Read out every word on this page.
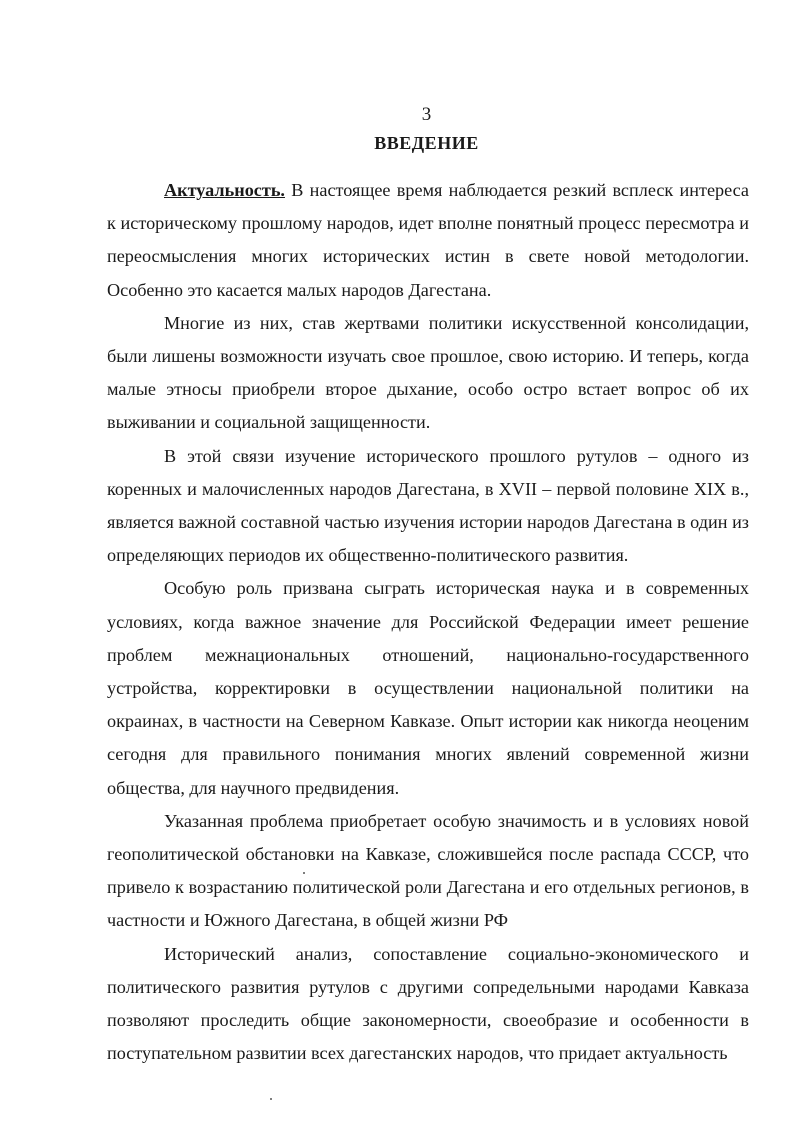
3
ВВЕДЕНИЕ

Актуальность. В настоящее время наблюдается резкий всплеск интереса к историческому прошлому народов, идет вполне понятный процесс пересмотра и переосмысления многих исторических истин в свете новой методологии. Особенно это касается малых народов Дагестана.

Многие из них, став жертвами политики искусственной консолидации, были лишены возможности изучать свое прошлое, свою историю. И теперь, когда малые этносы приобрели второе дыхание, особо остро встает вопрос об их выживании и социальной защищенности.

В этой связи изучение исторического прошлого рутулов – одного из коренных и малочисленных народов Дагестана, в XVII – первой половине XIX в., является важной составной частью изучения истории народов Дагестана в один из определяющих периодов их общественно-политического развития.

Особую роль призвана сыграть историческая наука и в современных условиях, когда важное значение для Российской Федерации имеет решение проблем межнациональных отношений, национально-государственного устройства, корректировки в осуществлении национальной политики на окраинах, в частности на Северном Кавказе. Опыт истории как никогда неоценим сегодня для правильного понимания многих явлений современной жизни общества, для научного предвидения.

Указанная проблема приобретает особую значимость и в условиях новой геополитической обстановки на Кавказе, сложившейся после распада СССР, что привело к возрастанию политической роли Дагестана и его отдельных регионов, в частности и Южного Дагестана, в общей жизни РФ

Исторический анализ, сопоставление социально-экономического и политического развития рутулов с другими сопредельными народами Кавказа позволяют проследить общие закономерности, своеобразие и особенности в поступательном развитии всех дагестанских народов, что придает актуальность
